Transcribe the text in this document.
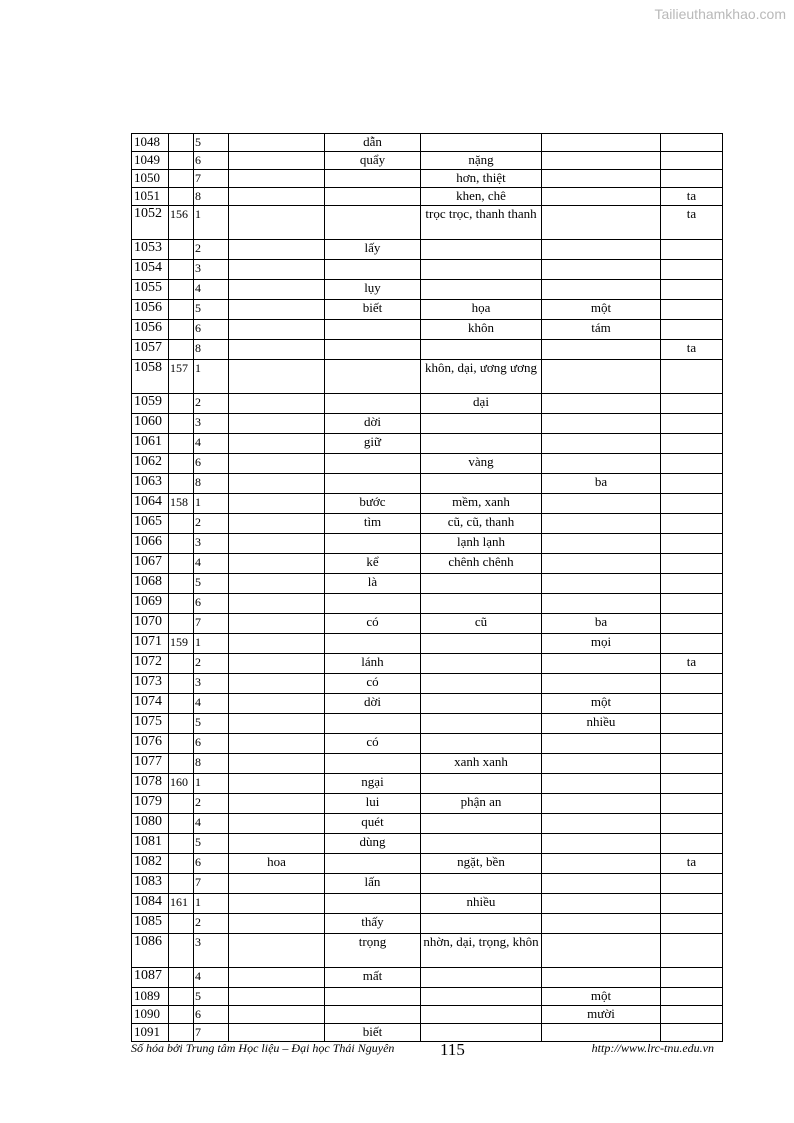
Tailieuthamkhao.com
1048		5		dẫn			
1049		6		quẩy	nặng		
1050		7			hơn, thiệt		
1051		8			khen, chê		ta
1052	156	1			trọc trọc, thanh thanh		ta
1053		2		lấy			
1054		3					
1055		4		lụy			
1056		5		biết	họa	một	
1056		6			khôn	tám	
1057		8					ta
1058	157	1			khôn, dại, ương ương		
1059		2			dại		
1060		3		dời			
1061		4		giữ			
1062		6			vàng		
1063		8				ba	
1064	158	1		bước	mềm, xanh		
1065		2		tìm	cũ, cũ, thanh		
1066		3			lạnh lạnh		
1067		4		kể	chênh chênh		
1068		5		là			
1069		6					
1070		7		có	cũ	ba	
1071	159	1				mọi	
1072		2		lánh			ta
1073		3		có			
1074		4		dời		một	
1075		5				nhiều	
1076		6		có			
1077		8			xanh xanh		
1078	160	1		ngại			
1079		2		lui	phận an		
1080		4		quét			
1081		5		dùng			
1082		6	hoa		ngặt, bền		ta
1083		7		lấn			
1084	161	1			nhiều		
1085		2		thấy			
1086		3		trọng	nhờn, dại, trọng, khôn		
1087		4		mất			
1089		5				một	
1090		6				mười	
1091		7		biết			
Số hóa bởi Trung tâm Học liệu – Đại học Thái Nguyên	115	http://www.lrc-tnu.edu.vn
